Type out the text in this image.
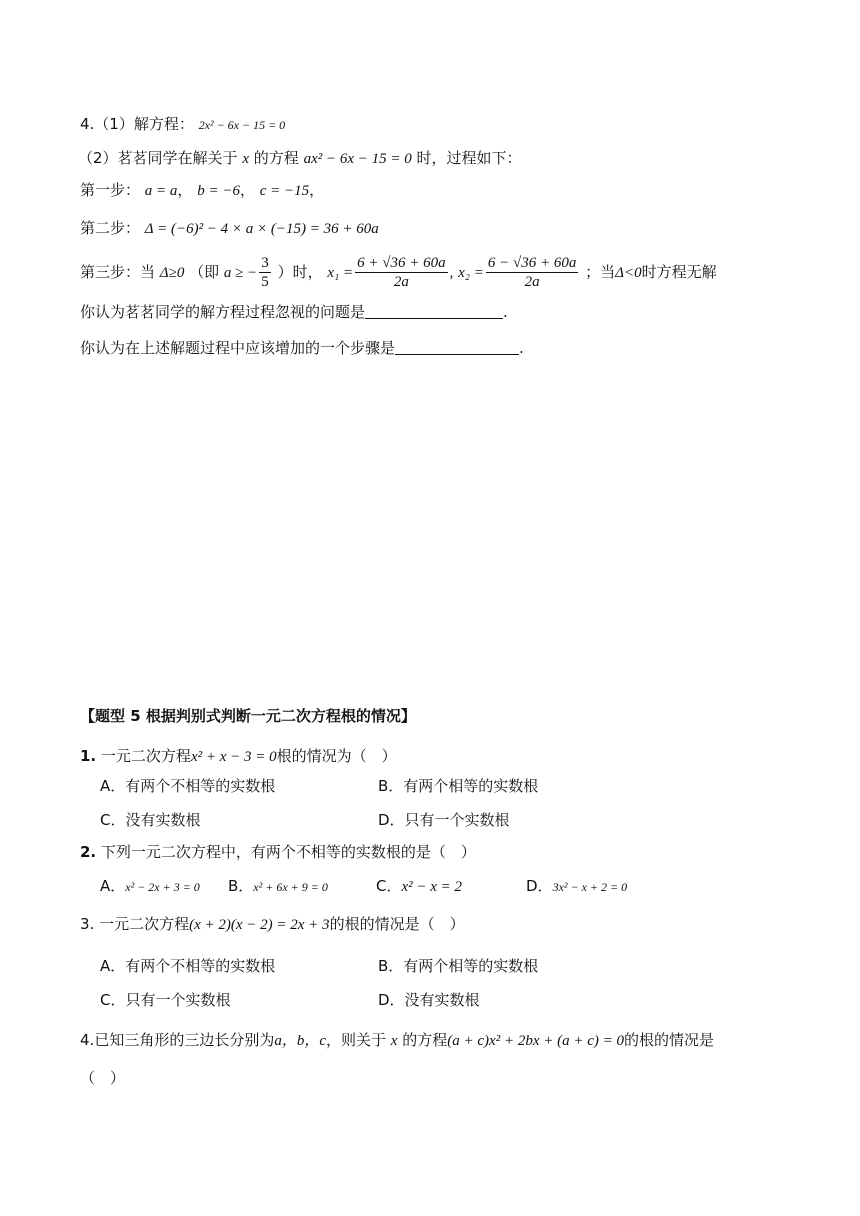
4.（1）解方程： 2x² − 6x − 15 = 0
（2）茗茗同学在解关于 x 的方程 ax² − 6x − 15 = 0 时，过程如下：
第一步： a = a， b = −6， c = −15，
第二步： Δ = (−6)² − 4 × a × (−15) = 36 + 60a
第三步：当 Δ≥0 （即 a ≥ − $\frac{3}{5}$ ）时， $x_1 = \frac{6 + √36 + 60a}{2a}$ , $x_2 = \frac{6 - √36 + 60a}{2a}$ ；当Δ<0时方程无解
你认为茗茗同学的解方程过程忽视的问题是	.
你认为在上述解题过程中应该增加的一个步骤是	.
【题型 5 根据判别式判断一元二次方程根的情况】
1. 一元二次方程x² + x − 3 = 0根的情况为（　）
A．有两个不相等的实数根	B．有两个相等的实数根
C．没有实数根	D．只有一个实数根
2. 下列一元二次方程中，有两个不相等的实数根的是（　）
A．x² − 2x + 3 = 0 B．x² + 6x + 9 = 0	C．x² − x = 2	D．3x² − x + 2 = 0
3. 一元二次方程(x + 2)(x − 2) = 2x + 3的根的情况是（　）
A．有两个不相等的实数根	B．有两个相等的实数根
C．只有一个实数根	D．没有实数根
4.已知三角形的三边长分别为a，b，c，则关于 x 的方程(a + c)x² + 2bx + (a + c) = 0的根的情况是
（　）
